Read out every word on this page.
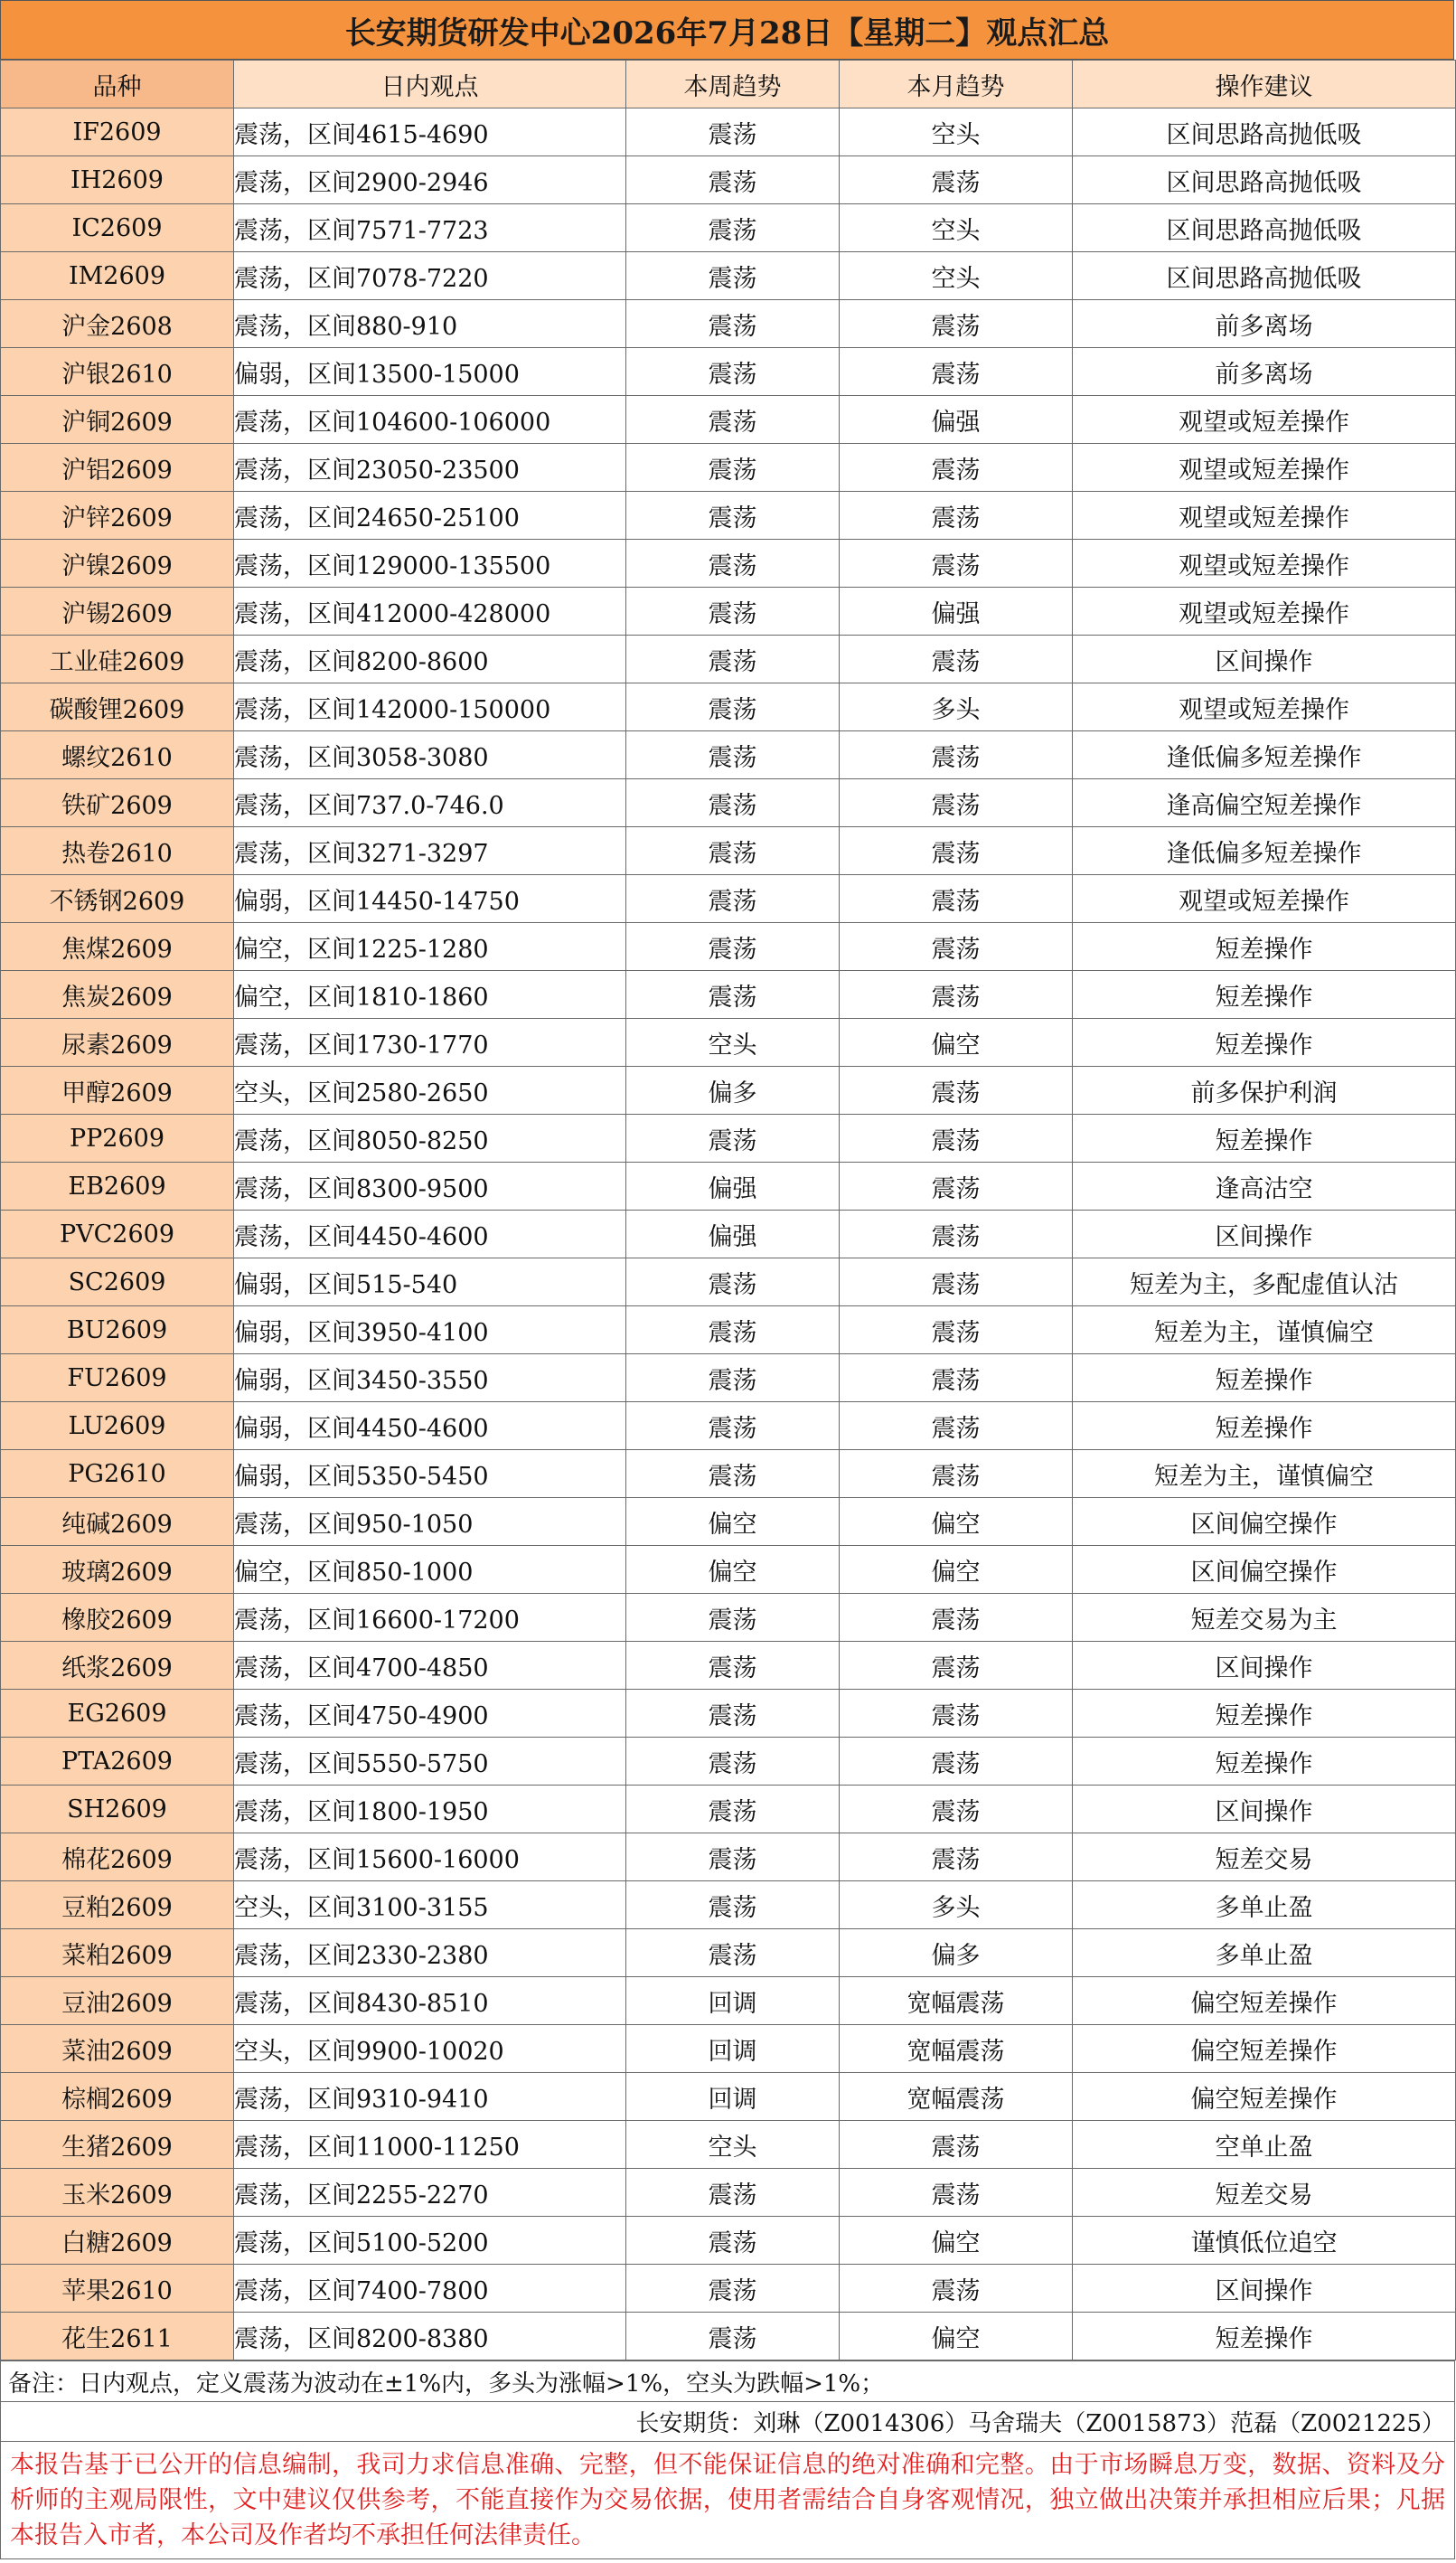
长安期货研发中心2026年7月28日【星期二】观点汇总
品种	日内观点	本周趋势	本月趋势	操作建议
IF2609	震荡，区间4615-4690	震荡	空头	区间思路高抛低吸
IH2609	震荡，区间2900-2946	震荡	震荡	区间思路高抛低吸
IC2609	震荡，区间7571-7723	震荡	空头	区间思路高抛低吸
IM2609	震荡，区间7078-7220	震荡	空头	区间思路高抛低吸
沪金2608	震荡，区间880-910	震荡	震荡	前多离场
沪银2610	偏弱，区间13500-15000	震荡	震荡	前多离场
沪铜2609	震荡，区间104600-106000	震荡	偏强	观望或短差操作
沪铝2609	震荡，区间23050-23500	震荡	震荡	观望或短差操作
沪锌2609	震荡，区间24650-25100	震荡	震荡	观望或短差操作
沪镍2609	震荡，区间129000-135500	震荡	震荡	观望或短差操作
沪锡2609	震荡，区间412000-428000	震荡	偏强	观望或短差操作
工业硅2609	震荡，区间8200-8600	震荡	震荡	区间操作
碳酸锂2609	震荡，区间142000-150000	震荡	多头	观望或短差操作
螺纹2610	震荡，区间3058-3080	震荡	震荡	逢低偏多短差操作
铁矿2609	震荡，区间737.0-746.0	震荡	震荡	逢高偏空短差操作
热卷2610	震荡，区间3271-3297	震荡	震荡	逢低偏多短差操作
不锈钢2609	偏弱，区间14450-14750	震荡	震荡	观望或短差操作
焦煤2609	偏空，区间1225-1280	震荡	震荡	短差操作
焦炭2609	偏空，区间1810-1860	震荡	震荡	短差操作
尿素2609	震荡，区间1730-1770	空头	偏空	短差操作
甲醇2609	空头，区间2580-2650	偏多	震荡	前多保护利润
PP2609	震荡，区间8050-8250	震荡	震荡	短差操作
EB2609	震荡，区间8300-9500	偏强	震荡	逢高沽空
PVC2609	震荡，区间4450-4600	偏强	震荡	区间操作
SC2609	偏弱，区间515-540	震荡	震荡	短差为主，多配虚值认沽
BU2609	偏弱，区间3950-4100	震荡	震荡	短差为主，谨慎偏空
FU2609	偏弱，区间3450-3550	震荡	震荡	短差操作
LU2609	偏弱，区间4450-4600	震荡	震荡	短差操作
PG2610	偏弱，区间5350-5450	震荡	震荡	短差为主，谨慎偏空
纯碱2609	震荡，区间950-1050	偏空	偏空	区间偏空操作
玻璃2609	偏空，区间850-1000	偏空	偏空	区间偏空操作
橡胶2609	震荡，区间16600-17200	震荡	震荡	短差交易为主
纸浆2609	震荡，区间4700-4850	震荡	震荡	区间操作
EG2609	震荡，区间4750-4900	震荡	震荡	短差操作
PTA2609	震荡，区间5550-5750	震荡	震荡	短差操作
SH2609	震荡，区间1800-1950	震荡	震荡	区间操作
棉花2609	震荡，区间15600-16000	震荡	震荡	短差交易
豆粕2609	空头，区间3100-3155	震荡	多头	多单止盈
菜粕2609	震荡，区间2330-2380	震荡	偏多	多单止盈
豆油2609	震荡，区间8430-8510	回调	宽幅震荡	偏空短差操作
菜油2609	空头，区间9900-10020	回调	宽幅震荡	偏空短差操作
棕榈2609	震荡，区间9310-9410	回调	宽幅震荡	偏空短差操作
生猪2609	震荡，区间11000-11250	空头	震荡	空单止盈
玉米2609	震荡，区间2255-2270	震荡	震荡	短差交易
白糖2609	震荡，区间5100-5200	震荡	偏空	谨慎低位追空
苹果2610	震荡，区间7400-7800	震荡	震荡	区间操作
花生2611	震荡，区间8200-8380	震荡	偏空	短差操作
备注：日内观点，定义震荡为波动在±1%内，多头为涨幅>1%，空头为跌幅>1%；
长安期货：刘琳（Z0014306）马舍瑞夫（Z0015873）范磊（Z0021225）
本报告基于已公开的信息编制，我司力求信息准确、完整，但不能保证信息的绝对准确和完整。由于市场瞬息万变，数据、资料及分析师的主观局限性，文中建议仅供参考，不能直接作为交易依据，使用者需结合自身客观情况，独立做出决策并承担相应后果；凡据本报告入市者，本公司及作者均不承担任何法律责任。
